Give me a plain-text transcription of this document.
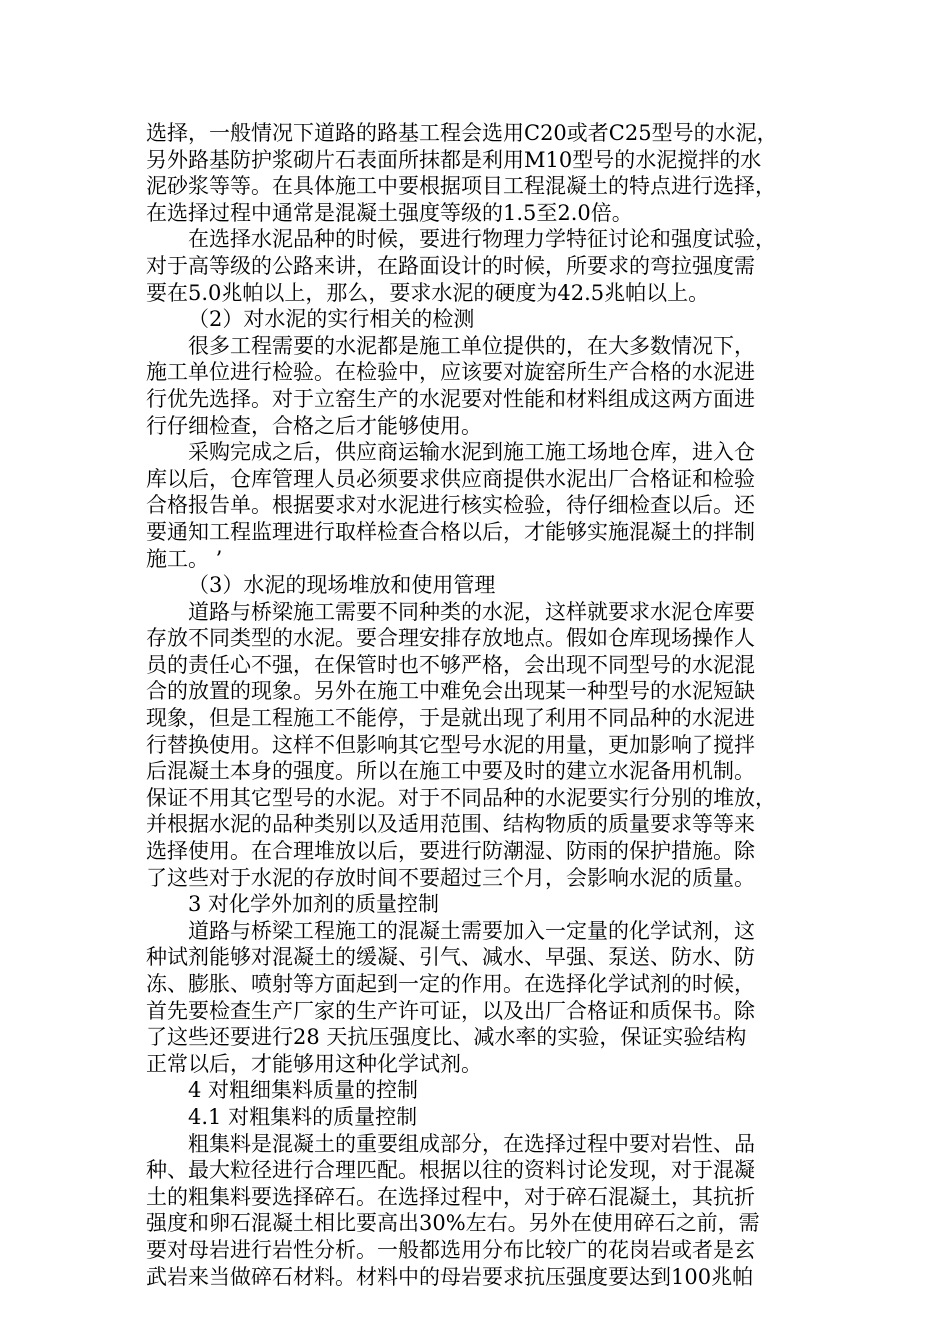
选择，一般情况下道路的路基工程会选用C20或者C25型号的水泥，
另外路基防护浆砌片石表面所抹都是利用M10型号的水泥搅拌的水
泥砂浆等等。在具体施工中要根据项目工程混凝土的特点进行选择，
在选择过程中通常是混凝土强度等级的1.5至2.0倍。
在选择水泥品种的时候，要进行物理力学特征讨论和强度试验，
对于高等级的公路来讲，在路面设计的时候，所要求的弯拉强度需
要在5.0兆帕以上，那么，要求水泥的硬度为42.5兆帕以上。
（2）对水泥的实行相关的检测
很多工程需要的水泥都是施工单位提供的，在大多数情况下，
施工单位进行检验。在检验中，应该要对旋窑所生产合格的水泥进
行优先选择。对于立窑生产的水泥要对性能和材料组成这两方面进
行仔细检查，合格之后才能够使用。
采购完成之后，供应商运输水泥到施工施工场地仓库，进入仓
库以后，仓库管理人员必须要求供应商提供水泥出厂合格证和检验
合格报告单。根据要求对水泥进行核实检验，待仔细检查以后。还
要通知工程监理进行取样检查合格以后，才能够实施混凝土的拌制
施工。 ’
（3）水泥的现场堆放和使用管理
道路与桥梁施工需要不同种类的水泥，这样就要求水泥仓库要
存放不同类型的水泥。要合理安排存放地点。假如仓库现场操作人
员的责任心不强，在保管时也不够严格，会出现不同型号的水泥混
合的放置的现象。另外在施工中难免会出现某一种型号的水泥短缺
现象，但是工程施工不能停，于是就出现了利用不同品种的水泥进
行替换使用。这样不但影响其它型号水泥的用量，更加影响了搅拌
后混凝土本身的强度。所以在施工中要及时的建立水泥备用机制。
保证不用其它型号的水泥。对于不同品种的水泥要实行分别的堆放，
并根据水泥的品种类别以及适用范围、结构物质的质量要求等等来
选择使用。在合理堆放以后，要进行防潮湿、防雨的保护措施。除
了这些对于水泥的存放时间不要超过三个月，会影响水泥的质量。
3 对化学外加剂的质量控制
道路与桥梁工程施工的混凝土需要加入一定量的化学试剂，这
种试剂能够对混凝土的缓凝、引气、减水、早强、泵送、防水、防
冻、膨胀、喷射等方面起到一定的作用。在选择化学试剂的时候，
首先要检查生产厂家的生产许可证，以及出厂合格证和质保书。除
了这些还要进行28 天抗压强度比、减水率的实验，保证实验结构
正常以后，才能够用这种化学试剂。
4 对粗细集料质量的控制
4.1 对粗集料的质量控制
粗集料是混凝土的重要组成部分，在选择过程中要对岩性、品
种、最大粒径进行合理匹配。根据以往的资料讨论发现，对于混凝
土的粗集料要选择碎石。在选择过程中，对于碎石混凝土，其抗折
强度和卵石混凝土相比要高出30%左右。另外在使用碎石之前，需
要对母岩进行岩性分析。一般都选用分布比较广的花岗岩或者是玄
武岩来当做碎石材料。材料中的母岩要求抗压强度要达到100兆帕
